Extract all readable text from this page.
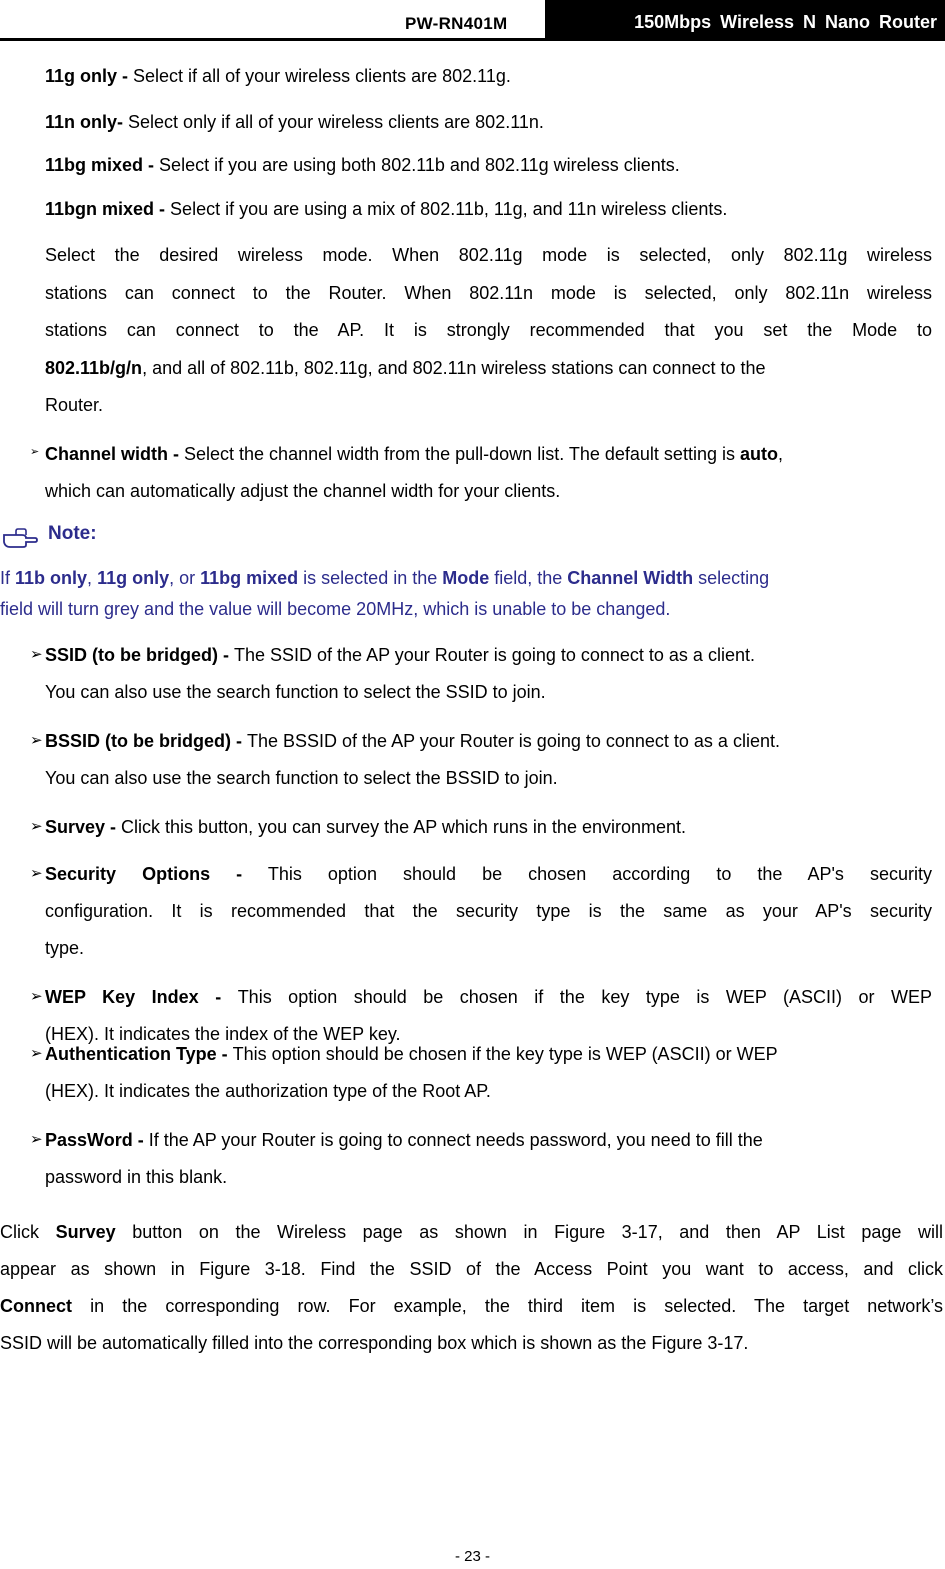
PW-RN401M	150Mbps Wireless N Nano Router
11g only - Select if all of your wireless clients are 802.11g.
11n only- Select only if all of your wireless clients are 802.11n.
11bg mixed - Select if you are using both 802.11b and 802.11g wireless clients.
11bgn mixed - Select if you are using a mix of 802.11b, 11g, and 11n wireless clients.
Select the desired wireless mode. When 802.11g mode is selected, only 802.11g wireless
stations can connect to the Router. When 802.11n mode is selected, only 802.11n wireless
stations can connect to the AP. It is strongly recommended that you set the Mode to
802.11b/g/n, and all of 802.11b, 802.11g, and 802.11n wireless stations can connect to the
Router.
➢ Channel width - Select the channel width from the pull-down list. The default setting is auto,
which can automatically adjust the channel width for your clients.
Note:
If 11b only, 11g only, or 11bg mixed is selected in the Mode field, the Channel Width selecting
field will turn grey and the value will become 20MHz, which is unable to be changed.
➢ SSID (to be bridged) - The SSID of the AP your Router is going to connect to as a client.
You can also use the search function to select the SSID to join.
➢ BSSID (to be bridged) - The BSSID of the AP your Router is going to connect to as a client.
You can also use the search function to select the BSSID to join.
➢ Survey - Click this button, you can survey the AP which runs in the environment.
➢ Security  Options  -  This  option  should  be  chosen  according  to  the  AP's  security
configuration. It is recommended that the security type is the same as your AP's security
type.
➢ WEP Key Index - This option should be chosen if the key type is WEP (ASCII) or WEP
(HEX). It indicates the index of the WEP key.
➢ Authentication Type - This option should be chosen if the key type is WEP (ASCII) or WEP
(HEX). It indicates the authorization type of the Root AP.
➢ PassWord - If the AP your Router is going to connect needs password, you need to fill the
password in this blank.
Click Survey button on the Wireless page as shown in Figure 3-17, and then AP List page will
appear as shown in Figure 3-18. Find the SSID of the Access Point you want to access, and click
Connect in the corresponding row. For example, the third item is selected. The target network’s
SSID will be automatically filled into the corresponding box which is shown as the Figure 3-17.
- 23 -
